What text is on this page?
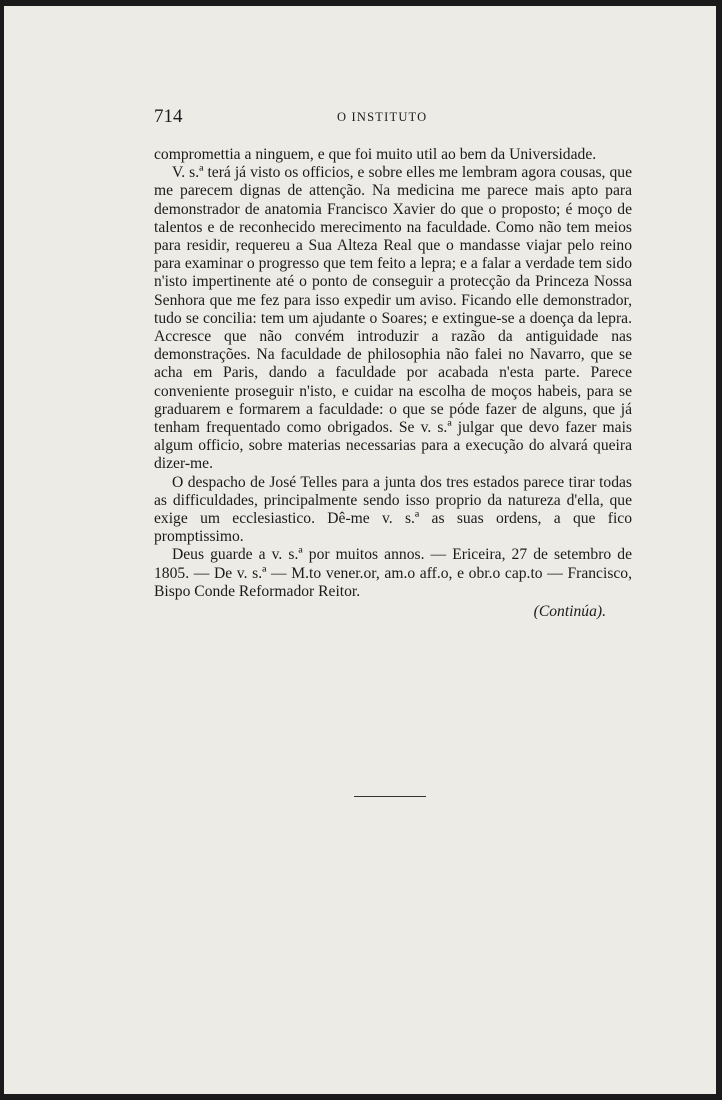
714	O INSTITUTO

compromettia a ninguem, e que foi muito util ao bem da Universidade.

V. s.ª terá já visto os officios, e sobre elles me lembram agora cousas, que me parecem dignas de attenção. Na medicina me parece mais apto para demonstrador de anatomia Francisco Xavier do que o proposto; é moço de talentos e de reconhecido merecimento na faculdade. Como não tem meios para residir, requereu a Sua Alteza Real que o mandasse viajar pelo reino para examinar o progresso que tem feito a lepra; e a falar a verdade tem sido n'isto impertinente até o ponto de conseguir a protecção da Princeza Nossa Senhora que me fez para isso expedir um aviso. Ficando elle demonstrador, tudo se concilia: tem um ajudante o Soares; e extingue-se a doença da lepra. Accresce que não convém introduzir a razão da antiguidade nas demonstrações. Na faculdade de philosophia não falei no Navarro, que se acha em Paris, dando a faculdade por acabada n'esta parte. Parece conveniente proseguir n'isto, e cuidar na escolha de moços habeis, para se graduarem e formarem a faculdade: o que se póde fazer de alguns, que já tenham frequentado como obrigados. Se v. s.ª julgar que devo fazer mais algum officio, sobre materias necessarias para a execução do alvará queira dizer-me.

O despacho de José Telles para a junta dos tres estados parece tirar todas as difficuldades, principalmente sendo isso proprio da natureza d'ella, que exige um ecclesiastico. Dê-me v. s.ª as suas ordens, a que fico promptissimo.

Deus guarde a v. s.ª por muitos annos. — Ericeira, 27 de setembro de 1805. — De v. s.ª — M.to vener.or, am.o aff.o, e obr.o cap.to — Francisco, Bispo Conde Reformador Reitor.

(Continúa).
